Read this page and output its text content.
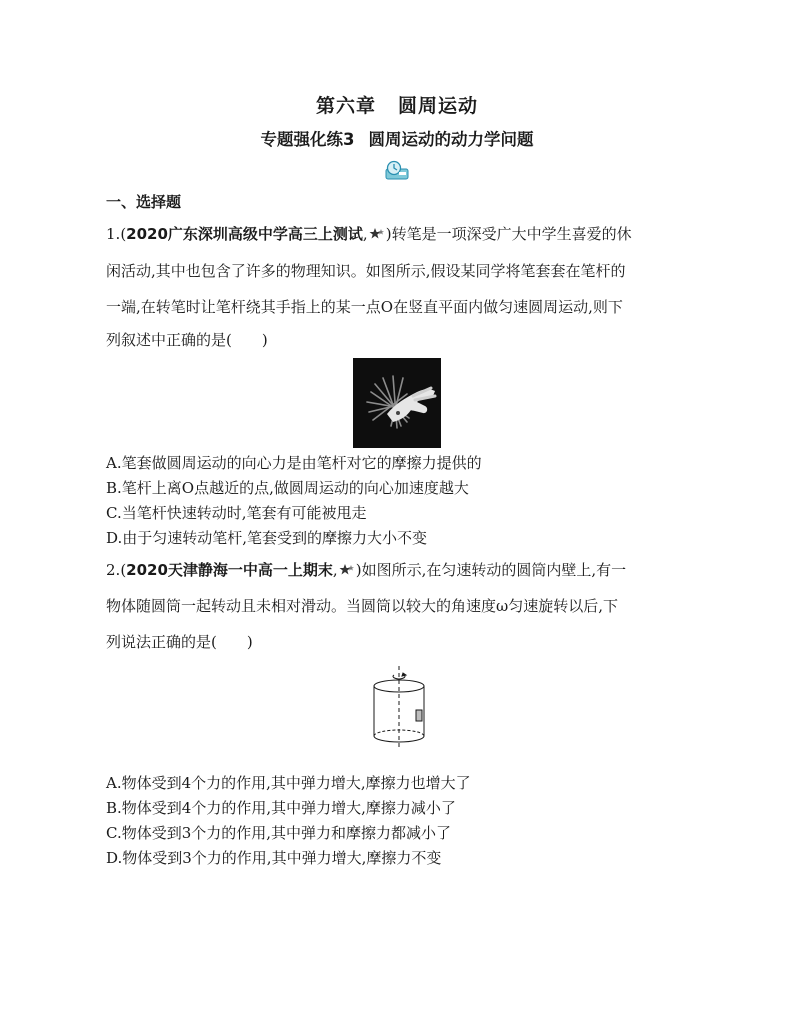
第六章 圆周运动
专题强化练3 圆周运动的动力学问题
一、选择题
1.(2020广东深圳高级中学高三上测试, )转笔是一项深受广大中学生喜爱的休
闲活动,其中也包含了许多的物理知识。如图所示,假设某同学将笔套套在笔杆的
一端,在转笔时让笔杆绕其手指上的某一点O在竖直平面内做匀速圆周运动,则下
列叙述中正确的是(　　)
A.笔套做圆周运动的向心力是由笔杆对它的摩擦力提供的
B.笔杆上离O点越近的点,做圆周运动的向心加速度越大
C.当笔杆快速转动时,笔套有可能被甩走
D.由于匀速转动笔杆,笔套受到的摩擦力大小不变
2.(2020天津静海一中高一上期末, )如图所示,在匀速转动的圆筒内壁上,有一
物体随圆筒一起转动且未相对滑动。当圆筒以较大的角速度ω匀速旋转以后,下
列说法正确的是(　　)
A.物体受到4个力的作用,其中弹力增大,摩擦力也增大了
B.物体受到4个力的作用,其中弹力增大,摩擦力减小了
C.物体受到3个力的作用,其中弹力和摩擦力都减小了
D.物体受到3个力的作用,其中弹力增大,摩擦力不变
